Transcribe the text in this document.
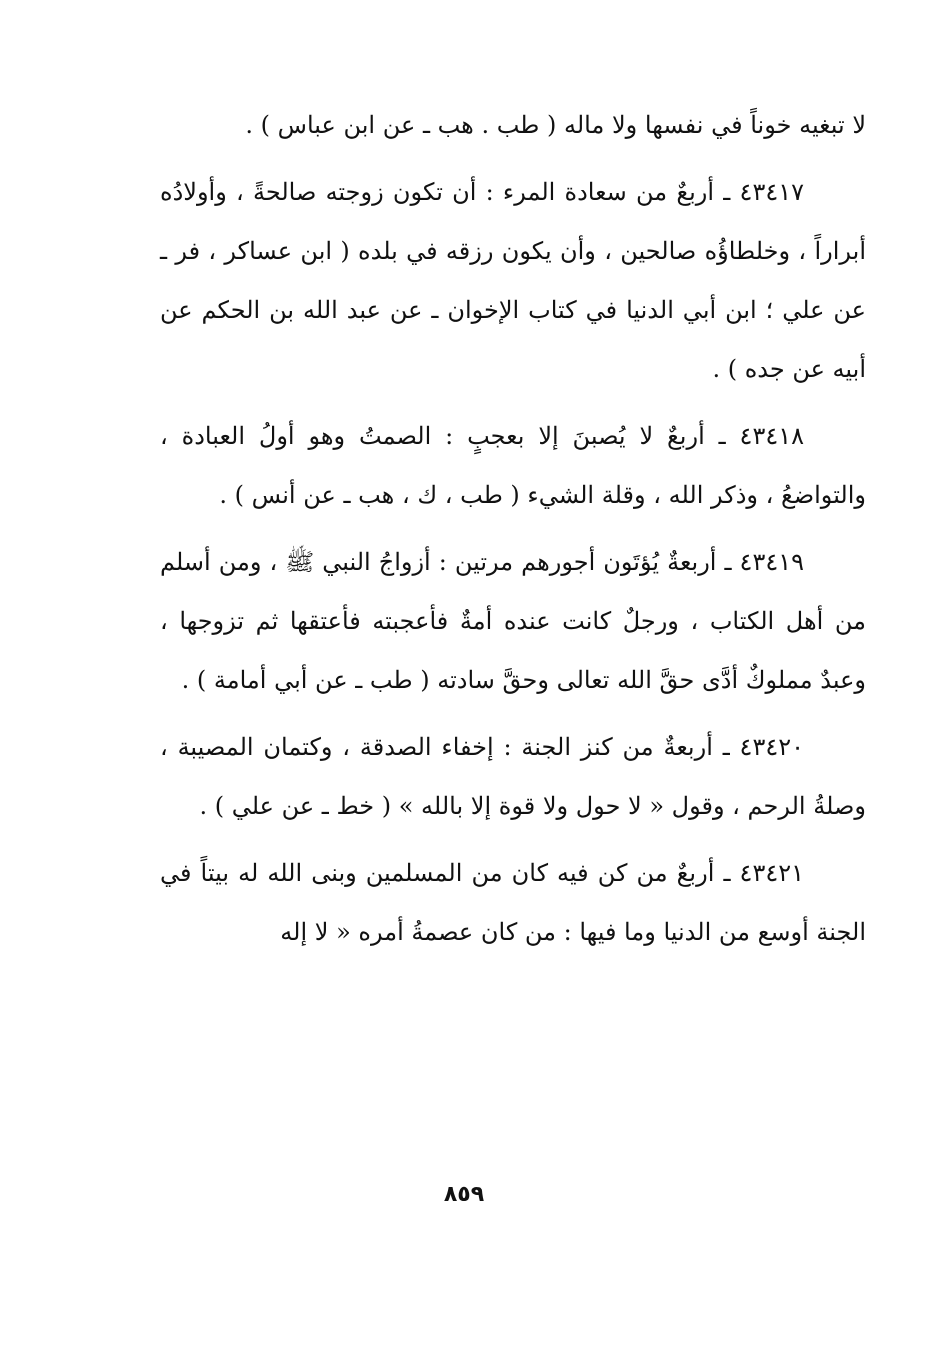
لا تبغيه خوناً في نفسها ولا ماله ( طب . هب ـ عن ابن عباس ) .

٤٣٤١٧ ـ أربعٌ من سعادة المرء : أن تكون زوجته صالحةً ، وأولادُه أبراراً ، وخلطاؤُه صالحين ، وأن يكون رزقه في بلده ( ابن عساكر ، فر ـ عن علي ؛ ابن أبي الدنيا في كتاب الإخوان ـ عن عبد الله بن الحكم عن أبيه عن جده ) .

٤٣٤١٨ ـ أربعٌ لا يُصبنَ إلا بعجبٍ : الصمتُ وهو أولُ العبادة ، والتواضعُ ، وذكر الله ، وقلة الشيء ( طب ، ك ، هب ـ عن أنس ) .

٤٣٤١٩ ـ أربعةٌ يُؤتَون أجورهم مرتين : أزواجُ النبي ﷺ ، ومن أسلم من أهل الكتاب ، ورجلٌ كانت عنده أمةٌ فأعجبته فأعتقها ثم تزوجها ، وعبدٌ مملوكٌ أدَّى حقَّ الله تعالى وحقَّ سادته ( طب ـ عن أبي أمامة ) .

٤٣٤٢٠ ـ أربعةٌ من كنز الجنة : إخفاء الصدقة ، وكتمان المصيبة ، وصلةُ الرحم ، وقول « لا حول ولا قوة إلا بالله » ( خط ـ عن علي ) .

٤٣٤٢١ ـ أربعٌ من كن فيه كان من المسلمين وبنى الله له بيتاً في الجنة أوسع من الدنيا وما فيها : من كان عصمةُ أمره « لا إله

٨٥٩
